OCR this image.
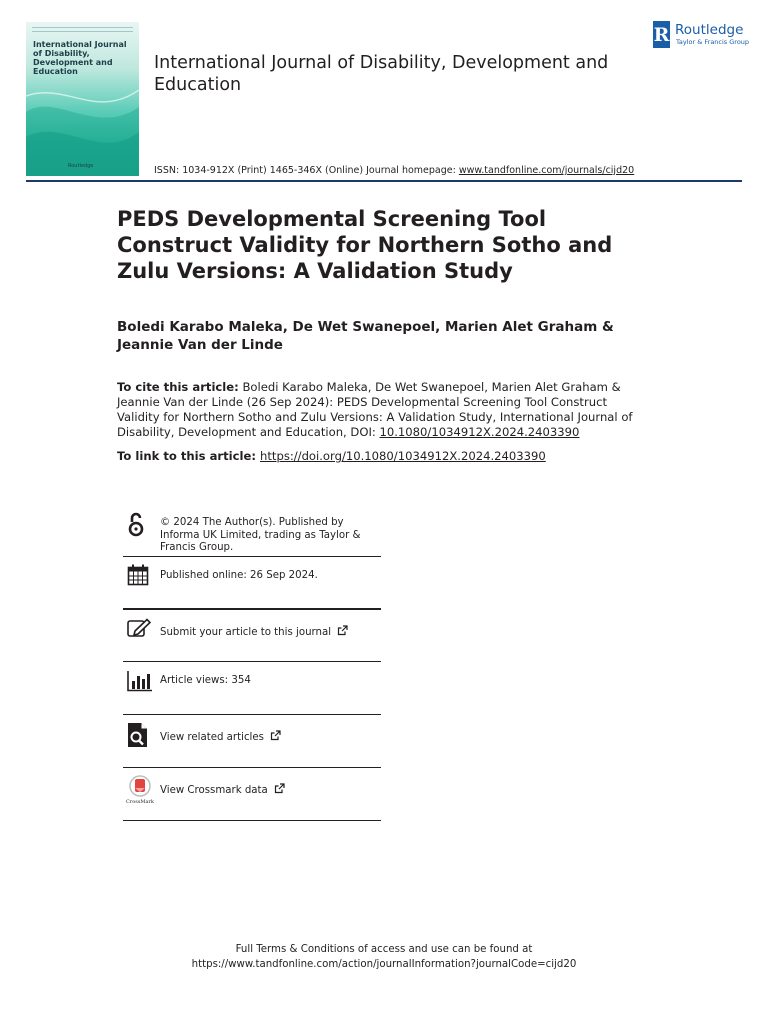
International Journal of Disability, Development and Education
Routledge
International Journal of Disability, Development and Education
ISSN: 1034-912X (Print) 1465-346X (Online) Journal homepage: www.tandfonline.com/journals/cijd20
R Routledge
Taylor & Francis Group
PEDS Developmental Screening Tool Construct Validity for Northern Sotho and Zulu Versions: A Validation Study
Boledi Karabo Maleka, De Wet Swanepoel, Marien Alet Graham & Jeannie Van der Linde
To cite this article: Boledi Karabo Maleka, De Wet Swanepoel, Marien Alet Graham & Jeannie Van der Linde (26 Sep 2024): PEDS Developmental Screening Tool Construct Validity for Northern Sotho and Zulu Versions: A Validation Study, International Journal of Disability, Development and Education, DOI: 10.1080/1034912X.2024.2403390
To link to this article: https://doi.org/10.1080/1034912X.2024.2403390
© 2024 The Author(s). Published by Informa UK Limited, trading as Taylor & Francis Group.
Published online: 26 Sep 2024.
Submit your article to this journal
Article views: 354
View related articles
CrossMark
View Crossmark data
Full Terms & Conditions of access and use can be found at
https://www.tandfonline.com/action/journalInformation?journalCode=cijd20
